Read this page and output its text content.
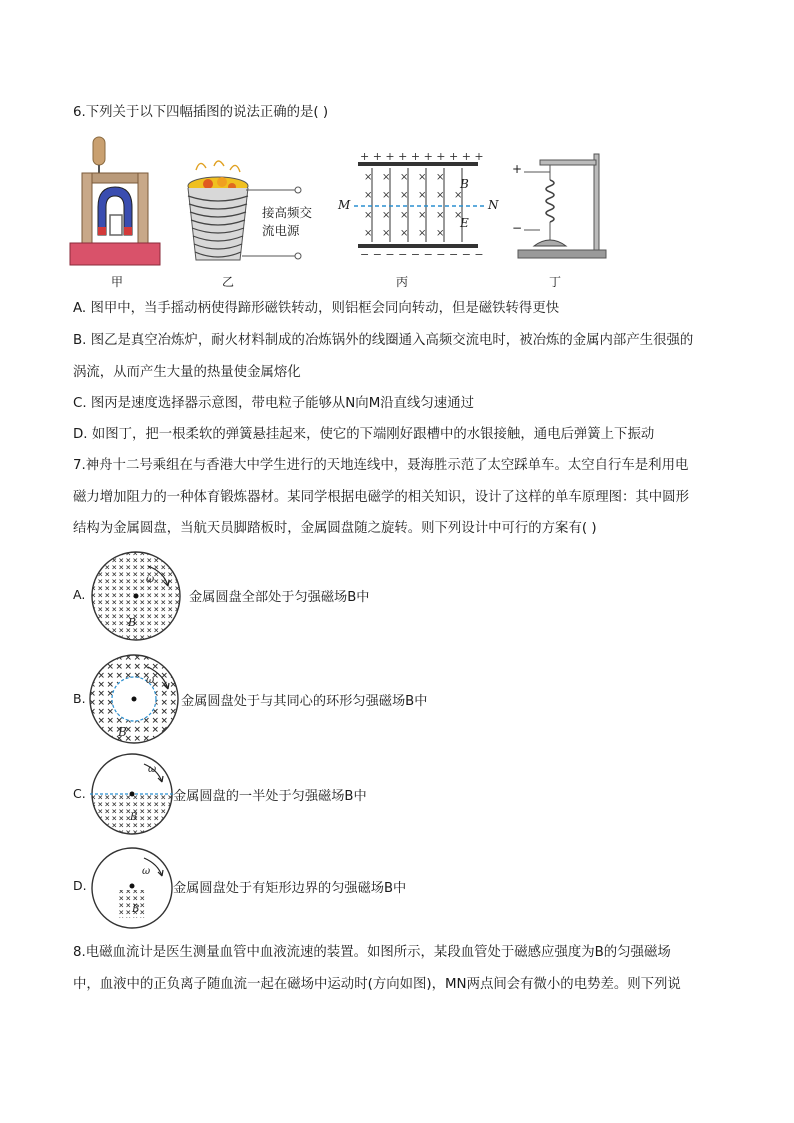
6.下列关于以下四幅插图的说法正确的是( )
甲
接高频交
流电源
乙
+ + + + + + + + + +
− − − − − − − − − −
× × × × ×
× × × × × ×
× × × × × ×
× × × × ×
M	N
B
E
丙
+
−
丁
A. 图甲中，当手摇动柄使得蹄形磁铁转动，则铝框会同向转动，但是磁铁转得更快
B. 图乙是真空冶炼炉，耐火材料制成的冶炼锅外的线圈通入高频交流电时，被冶炼的金属内部产生很强的
涡流，从而产生大量的热量使金属熔化
C. 图丙是速度选择器示意图，带电粒子能够从N向M沿直线匀速通过
D. 如图丁，把一根柔软的弹簧悬挂起来，使它的下端刚好跟槽中的水银接触，通电后弹簧上下振动
7.神舟十二号乘组在与香港大中学生进行的天地连线中，聂海胜示范了太空踩单车。太空自行车是利用电
磁力增加阻力的一种体育锻炼器材。某同学根据电磁学的相关知识，设计了这样的单车原理图：其中圆形
结构为金属圆盘，当航天员脚踏板时，金属圆盘随之旋转。则下列设计中可行的方案有( )
A.
ω
B
金属圆盘全部处于匀强磁场B中
B.
ω
B
金属圆盘处于与其同心的环形匀强磁场B中
C.
ω
B
金属圆盘的一半处于匀强磁场B中
D.
ω
B
金属圆盘处于有矩形边界的匀强磁场B中
8.电磁血流计是医生测量血管中血液流速的装置。如图所示，某段血管处于磁感应强度为B的匀强磁场
中，血液中的正负离子随血流一起在磁场中运动时(方向如图)，MN两点间会有微小的电势差。则下列说
